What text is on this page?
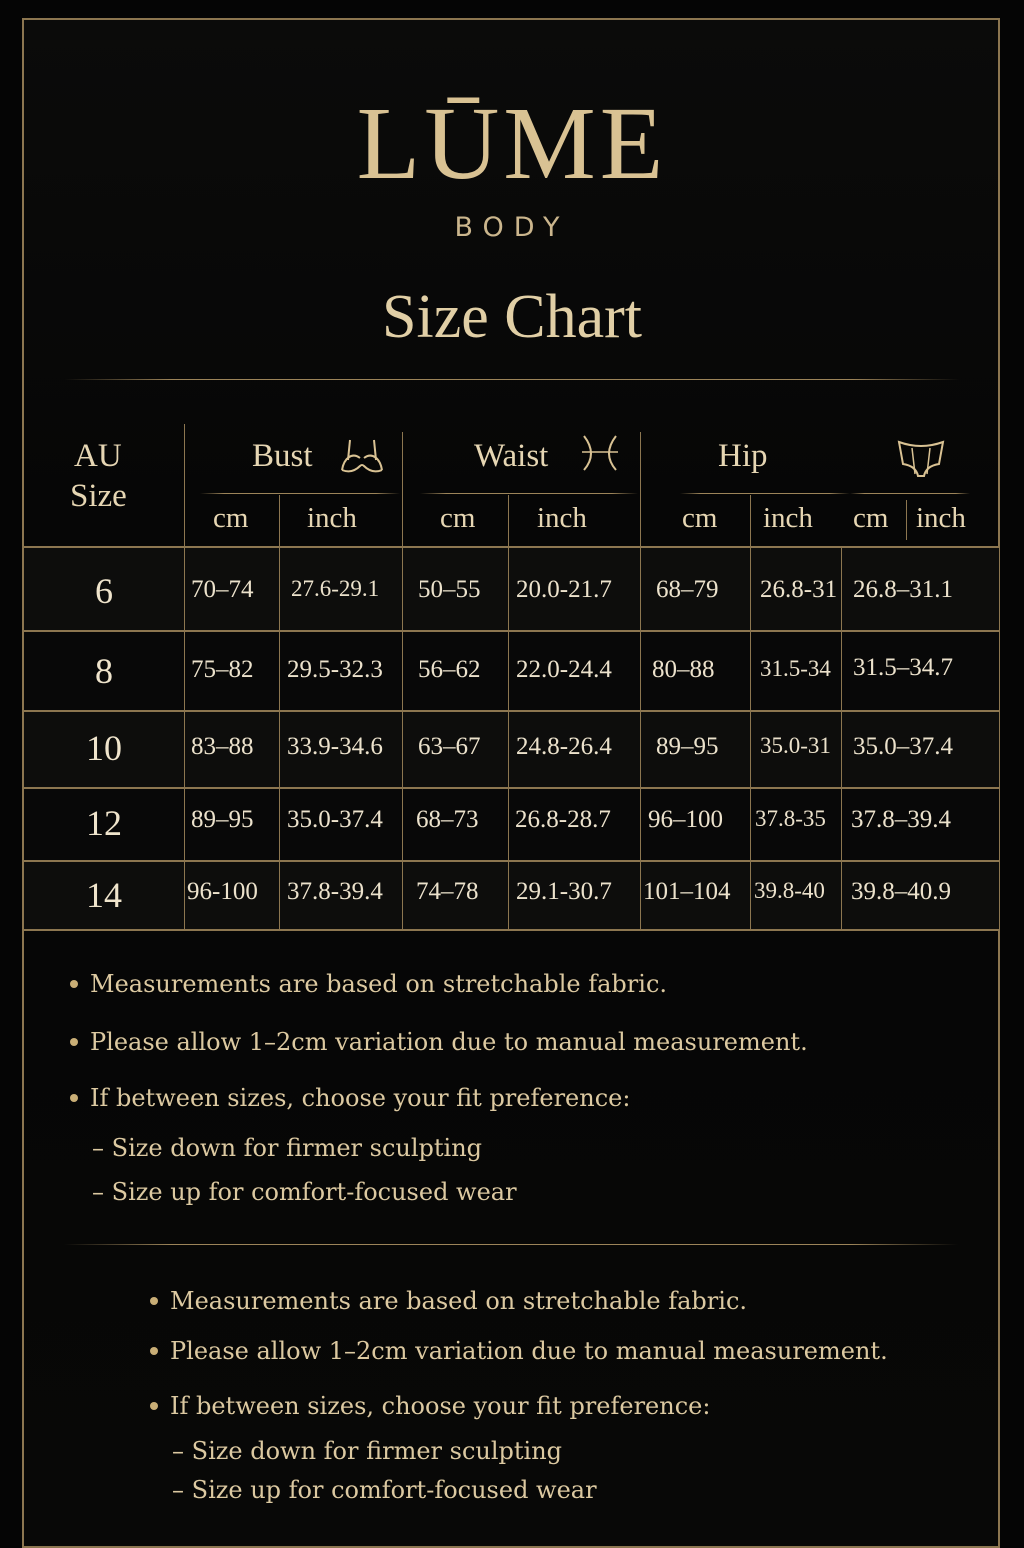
LŪME
BODY
Size Chart
AU
Size
Bust	Waist	Hip
cm inch	cm inch	cm inch cm inch
6	70–74 27.6-29.1 50–55 20.0-21.7 68–79 26.8-31 26.8–31.1
8	75–82 29.5-32.3 56–62 22.0-24.4 80–88 31.5-34 31.5–34.7
10	83–88 33.9-34.6 63–67 24.8-26.4 89–95 35.0-31 35.0–37.4
12	89–95 35.0-37.4 68–73 26.8-28.7 96–100 37.8-35	37.8–39.4
14	96-100 37.8-39.4 74–78 29.1-30.7 101–104 39.8-40	39.8–40.9
Measurements are based on stretchable fabric.
Please allow 1–2cm variation due to manual measurement.
If between sizes, choose your fit preference:
– Size down for firmer sculpting
– Size up for comfort-focused wear
Measurements are based on stretchable fabric.
Please allow 1–2cm variation due to manual measurement.
If between sizes, choose your fit preference:
– Size down for firmer sculpting
– Size up for comfort-focused wear
